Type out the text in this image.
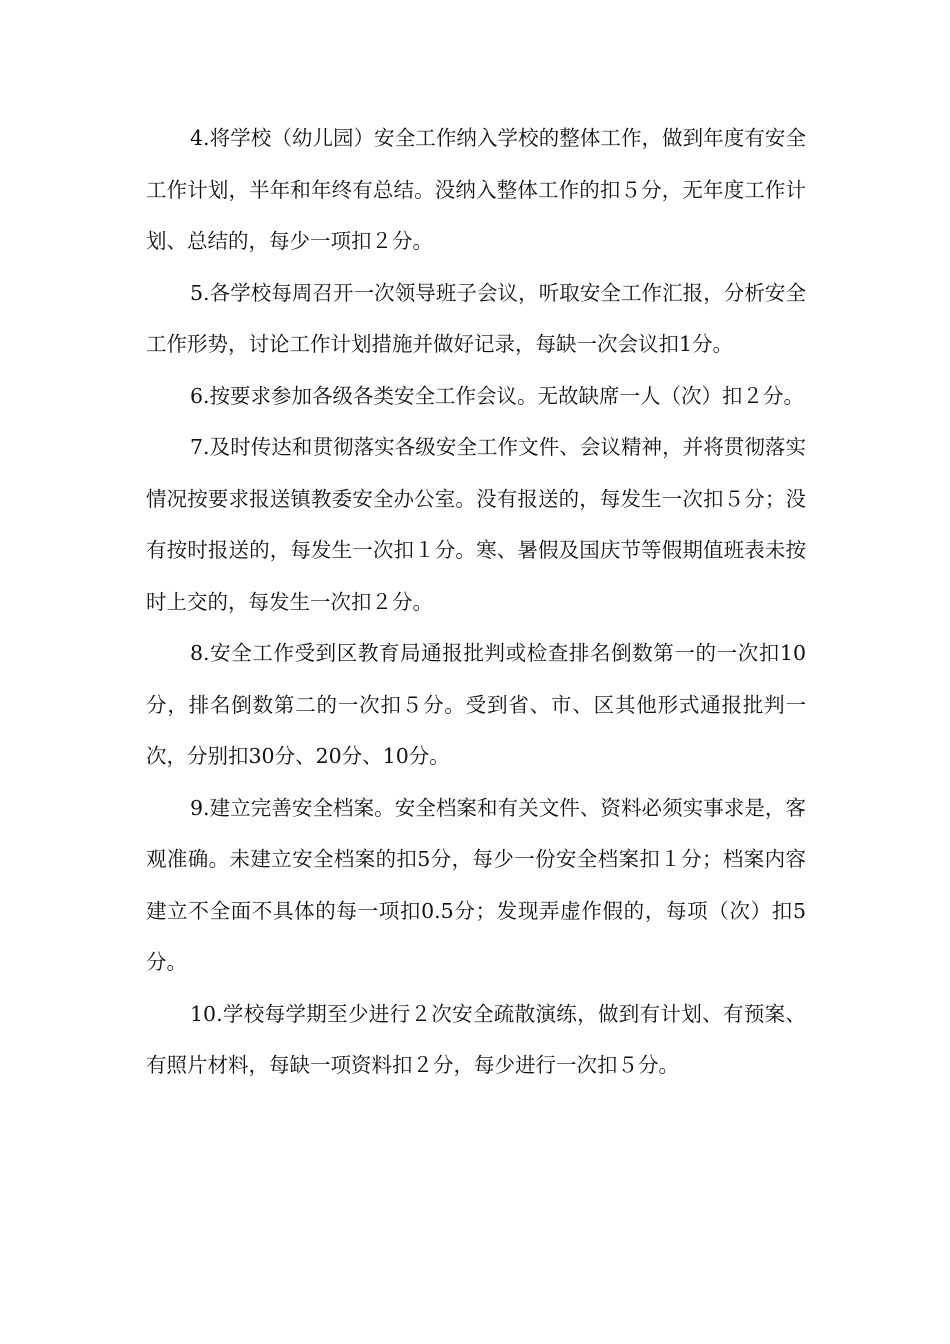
4.将学校（幼儿园）安全工作纳入学校的整体工作，做到年度有安全工作计划，半年和年终有总结。没纳入整体工作的扣５分，无年度工作计划、总结的，每少一项扣２分。

5.各学校每周召开一次领导班子会议，听取安全工作汇报，分析安全工作形势，讨论工作计划措施并做好记录，每缺一次会议扣1分。

6.按要求参加各级各类安全工作会议。无故缺席一人（次）扣２分。

7.及时传达和贯彻落实各级安全工作文件、会议精神，并将贯彻落实情况按要求报送镇教委安全办公室。没有报送的，每发生一次扣５分；没有按时报送的，每发生一次扣１分。寒、暑假及国庆节等假期值班表未按时上交的，每发生一次扣２分。

8.安全工作受到区教育局通报批判或检查排名倒数第一的一次扣10分，排名倒数第二的一次扣５分。受到省、市、区其他形式通报批判一次，分别扣30分、20分、10分。

9.建立完善安全档案。安全档案和有关文件、资料必须实事求是，客观准确。未建立安全档案的扣5分，每少一份安全档案扣１分；档案内容建立不全面不具体的每一项扣0.5分；发现弄虚作假的，每项（次）扣5分。

10.学校每学期至少进行２次安全疏散演练，做到有计划、有预案、有照片材料，每缺一项资料扣２分，每少进行一次扣５分。
